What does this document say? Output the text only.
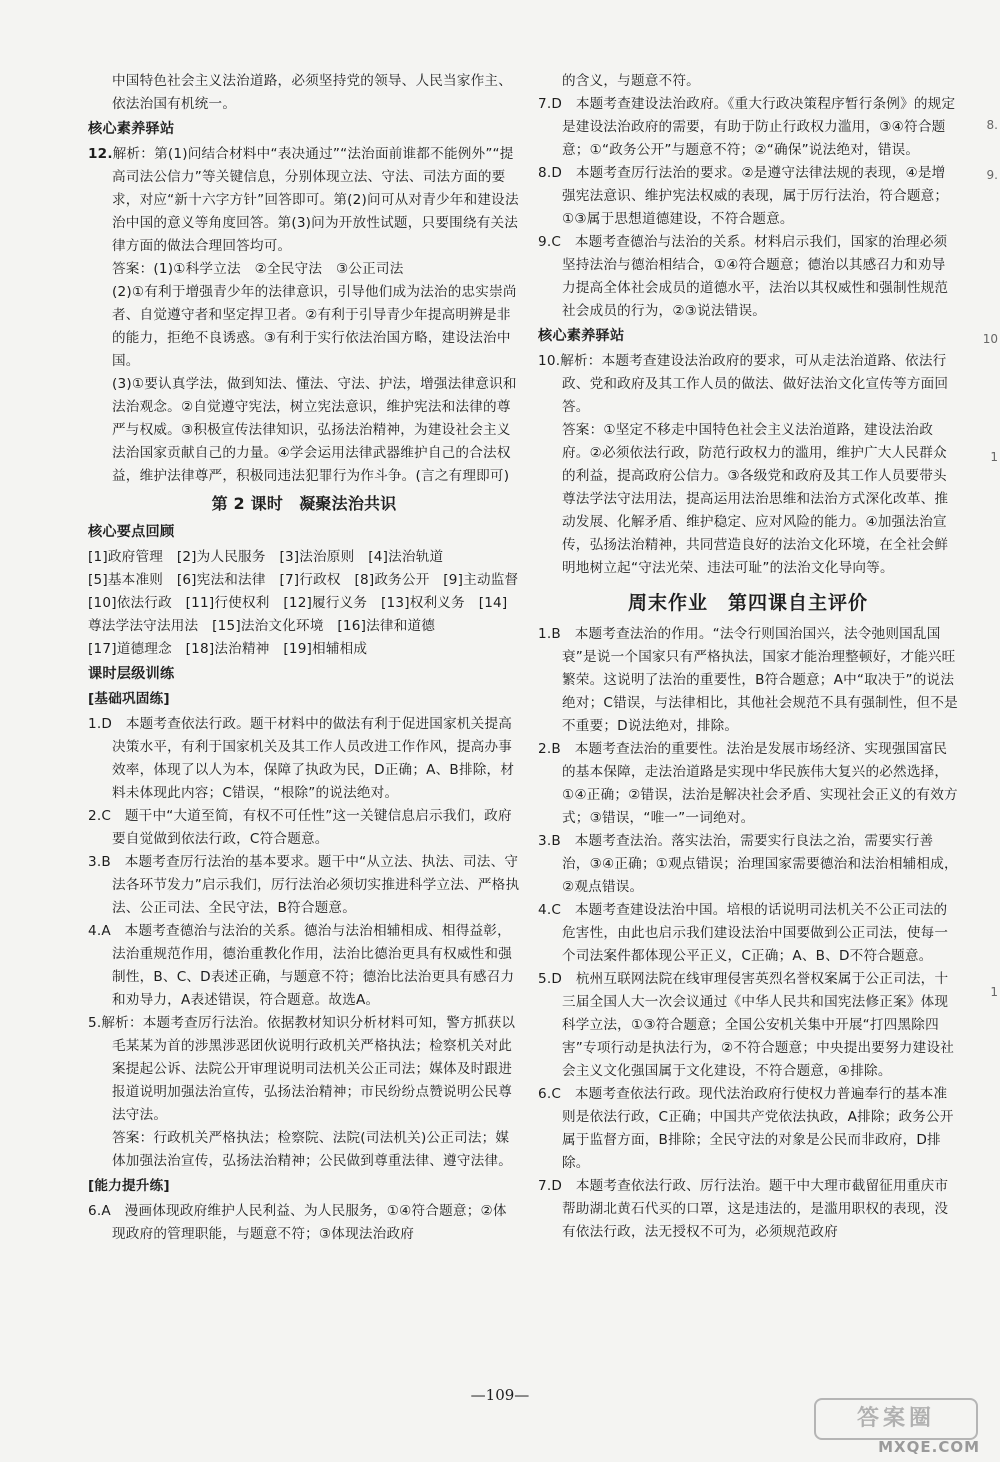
中国特色社会主义法治道路，必须坚持党的领导、人民当家作主、依法治国有机统一。

核心素养驿站

12.解析：第(1)问结合材料中“表决通过”“法治面前谁都不能例外”“提高司法公信力”等关键信息，分别体现立法、守法、司法方面的要求，对应“新十六字方针”回答即可。第(2)问可从对青少年和建设法治中国的意义等角度回答。第(3)问为开放性试题，只要围绕有关法律方面的做法合理回答均可。

答案：(1)①科学立法　②全民守法　③公正司法

(2)①有利于增强青少年的法律意识，引导他们成为法治的忠实崇尚者、自觉遵守者和坚定捍卫者。②有利于引导青少年提高明辨是非的能力，拒绝不良诱惑。③有利于实行依法治国方略，建设法治中国。

(3)①要认真学法，做到知法、懂法、守法、护法，增强法律意识和法治观念。②自觉遵守宪法，树立宪法意识，维护宪法和法律的尊严与权威。③积极宣传法律知识，弘扬法治精神，为建设社会主义法治国家贡献自己的力量。④学会运用法律武器维护自己的合法权益，维护法律尊严，积极同违法犯罪行为作斗争。(言之有理即可)

第 2 课时　凝聚法治共识
核心要点回顾

[1]政府管理　[2]为人民服务　[3]法治原则　[4]法治轨道

[5]基本准则　[6]宪法和法律　[7]行政权　[8]政务公开　[9]主动监督　[10]依法行政　[11]行使权利　[12]履行义务　[13]权利义务　[14]尊法学法守法用法　[15]法治文化环境　[16]法律和道德

[17]道德理念　[18]法治精神　[19]相辅相成

课时层级训练
[基础巩固练]

1.D　本题考查依法行政。题干材料中的做法有利于促进国家机关提高决策水平，有利于国家机关及其工作人员改进工作作风，提高办事效率，体现了以人为本，保障了执政为民，D正确；A、B排除，材料未体现此内容；C错误，“根除”的说法绝对。

2.C　题干中“大道至简，有权不可任性”这一关键信息启示我们，政府要自觉做到依法行政，C符合题意。

3.B　本题考查厉行法治的基本要求。题干中“从立法、执法、司法、守法各环节发力”启示我们，厉行法治必须切实推进科学立法、严格执法、公正司法、全民守法，B符合题意。

4.A　本题考查德治与法治的关系。德治与法治相辅相成、相得益彰，法治重规范作用，德治重教化作用，法治比德治更具有权威性和强制性，B、C、D表述正确，与题意不符；德治比法治更具有感召力和劝导力，A表述错误，符合题意。故选A。

5.解析：本题考查厉行法治。依据教材知识分析材料可知，警方抓获以毛某某为首的涉黑涉恶团伙说明行政机关严格执法；检察机关对此案提起公诉、法院公开审理说明司法机关公正司法；媒体及时跟进报道说明加强法治宣传，弘扬法治精神；市民纷纷点赞说明公民尊法守法。

答案：行政机关严格执法；检察院、法院(司法机关)公正司法；媒体加强法治宣传，弘扬法治精神；公民做到尊重法律、遵守法律。

[能力提升练]

6.A　漫画体现政府维护人民利益、为人民服务，①④符合题意；②体现政府的管理职能，与题意不符；③体现法治政府

的含义，与题意不符。

7.D　本题考查建设法治政府。《重大行政决策程序暂行条例》的规定是建设法治政府的需要，有助于防止行政权力滥用，③④符合题意；①“政务公开”与题意不符；②“确保”说法绝对，错误。

8.D　本题考查厉行法治的要求。②是遵守法律法规的表现，④是增强宪法意识、维护宪法权威的表现，属于厉行法治，符合题意；①③属于思想道德建设，不符合题意。

9.C　本题考查德治与法治的关系。材料启示我们，国家的治理必须坚持法治与德治相结合，①④符合题意；德治以其感召力和劝导力提高全体社会成员的道德水平，法治以其权威性和强制性规范社会成员的行为，②③说法错误。

核心素养驿站

10.解析：本题考查建设法治政府的要求，可从走法治道路、依法行政、党和政府及其工作人员的做法、做好法治文化宣传等方面回答。

答案：①坚定不移走中国特色社会主义法治道路，建设法治政府。②必须依法行政，防范行政权力的滥用，维护广大人民群众的利益，提高政府公信力。③各级党和政府及其工作人员要带头尊法学法守法用法，提高运用法治思维和法治方式深化改革、推动发展、化解矛盾、维护稳定、应对风险的能力。④加强法治宣传，弘扬法治精神，共同营造良好的法治文化环境，在全社会鲜明地树立起“守法光荣、违法可耻”的法治文化导向等。

周末作业　第四课自主评价

1.B　本题考查法治的作用。“法令行则国治国兴，法令弛则国乱国衰”是说一个国家只有严格执法，国家才能治理整顿好，才能兴旺繁荣。这说明了法治的重要性，B符合题意；A中“取决于”的说法绝对；C错误，与法律相比，其他社会规范不具有强制性，但不是不重要；D说法绝对，排除。

2.B　本题考查法治的重要性。法治是发展市场经济、实现强国富民的基本保障，走法治道路是实现中华民族伟大复兴的必然选择，①④正确；②错误，法治是解决社会矛盾、实现社会正义的有效方式；③错误，“唯一”一词绝对。

3.B　本题考查法治。落实法治，需要实行良法之治，需要实行善治，③④正确；①观点错误；治理国家需要德治和法治相辅相成，②观点错误。

4.C　本题考查建设法治中国。培根的话说明司法机关不公正司法的危害性，由此也启示我们建设法治中国要做到公正司法，使每一个司法案件都体现公平正义，C正确；A、B、D不符合题意。

5.D　杭州互联网法院在线审理侵害英烈名誉权案属于公正司法，十三届全国人大一次会议通过《中华人民共和国宪法修正案》体现科学立法，①③符合题意；全国公安机关集中开展“打四黑除四害”专项行动是执法行为，②不符合题意；中央提出要努力建设社会主义文化强国属于文化建设，不符合题意，④排除。

6.C　本题考查依法行政。现代法治政府行使权力普遍奉行的基本准则是依法行政，C正确；中国共产党依法执政，A排除；政务公开属于监督方面，B排除；全民守法的对象是公民而非政府，D排除。

7.D　本题考查依法行政、厉行法治。题干中大理市截留征用重庆市帮助湖北黄石代买的口罩，这是违法的，是滥用职权的表现，没有依法行政，法无授权不可为，必须规范政府

8.
9.
10
1
1
—109—
答案圈
MXQE.COM
